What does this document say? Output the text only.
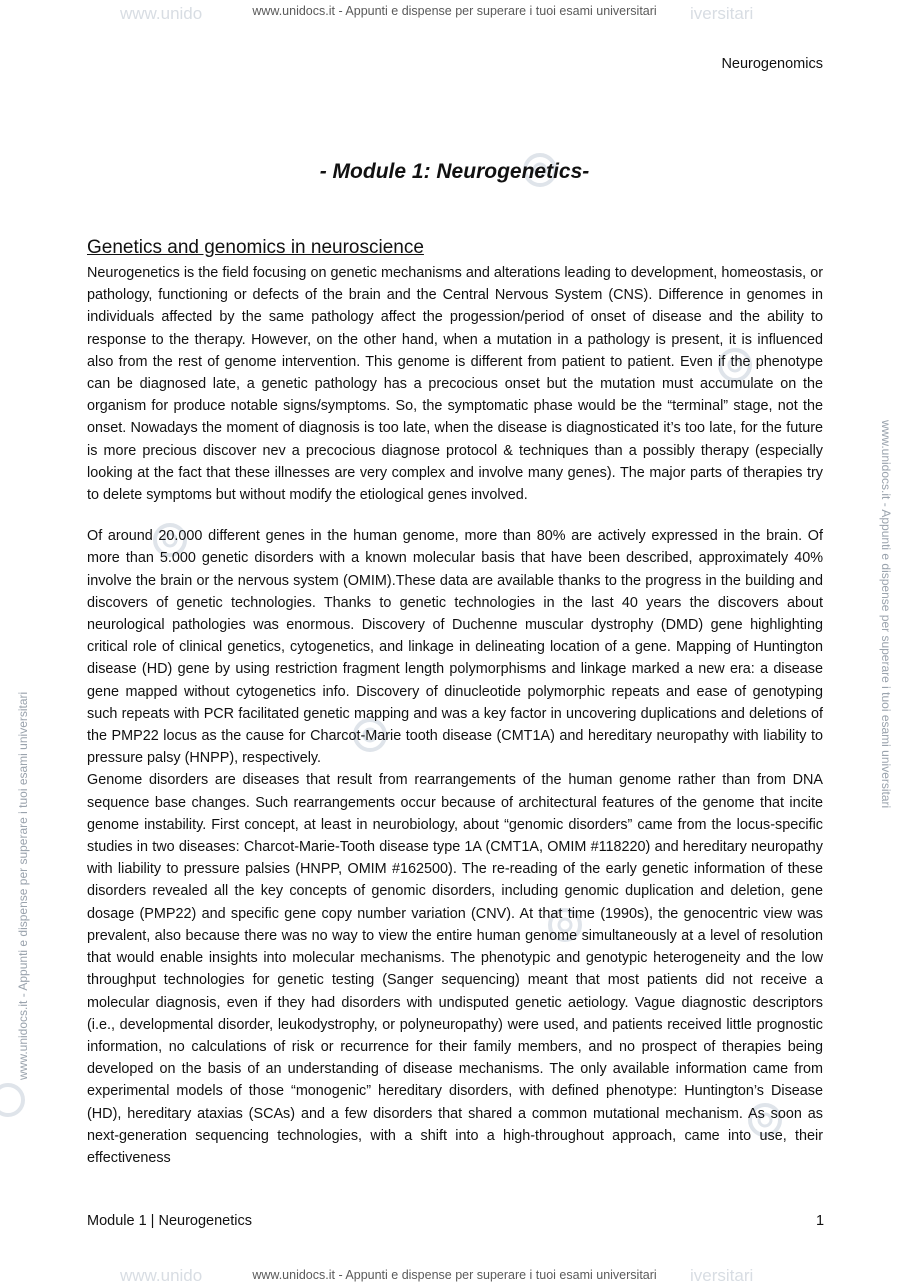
www.unido	iversitari
www.unido	iversitari
www.unidocs.it - Appunti e dispense per superare i tuoi esami universitari
www.unidocs.it - Appunti e dispense per superare i tuoi esami universitari
www.unidocs.it - Appunti e dispense per superare i tuoi esami universitari
www.unidocs.it - Appunti e dispense per superare i tuoi esami universitari
Neurogenomics
- Module 1: Neurogenetics-
Genetics and genomics in neuroscience

Neurogenetics is the field focusing on genetic mechanisms and alterations leading to development, homeostasis, or pathology, functioning or defects of the brain and the Central Nervous System (CNS). Difference in genomes in individuals affected by the same pathology affect the progession/period of onset of disease and the ability to response to the therapy. However, on the other hand, when a mutation in a pathology is present, it is influenced also from the rest of genome intervention. This genome is different from patient to patient. Even if the phenotype can be diagnosed late, a genetic pathology has a precocious onset but the mutation must accumulate on the organism for produce notable signs/symptoms. So, the symptomatic phase would be the “terminal” stage, not the onset. Nowadays the moment of diagnosis is too late, when the disease is diagnosticated it’s too late, for the future is more precious discover nev a precocious diagnose protocol & techniques than a possibly therapy (especially looking at the fact that these illnesses are very complex and involve many genes). The major parts of therapies try to delete symptoms but without modify the etiological genes involved.

Of around 20.000 different genes in the human genome, more than 80% are actively expressed in the brain. Of more than 5.000 genetic disorders with a known molecular basis that have been described, approximately 40% involve the brain or the nervous system (OMIM).These data are available thanks to the progress in the building and discovers of genetic technologies. Thanks to genetic technologies in the last 40 years the discovers about neurological pathologies was enormous. Discovery of Duchenne muscular dystrophy (DMD) gene highlighting critical role of clinical genetics, cytogenetics, and linkage in delineating location of a gene. Mapping of Huntington disease (HD) gene by using restriction fragment length polymorphisms and linkage marked a new era: a disease gene mapped without cytogenetics info. Discovery of dinucleotide polymorphic repeats and ease of genotyping such repeats with PCR facilitated genetic mapping and was a key factor in uncovering duplications and deletions of the PMP22 locus as the cause for Charcot-Marie tooth disease (CMT1A) and hereditary neuropathy with liability to pressure palsy (HNPP), respectively.

Genome disorders are diseases that result from rearrangements of the human genome rather than from DNA sequence base changes. Such rearrangements occur because of architectural features of the genome that incite genome instability. First concept, at least in neurobiology, about “genomic disorders” came from the locus-specific studies in two diseases: Charcot-Marie-Tooth disease type 1A (CMT1A, OMIM #118220) and hereditary neuropathy with liability to pressure palsies (HNPP, OMIM #162500). The re-reading of the early genetic information of these disorders revealed all the key concepts of genomic disorders, including genomic duplication and deletion, gene dosage (PMP22) and specific gene copy number variation (CNV). At that time (1990s), the genocentric view was prevalent, also because there was no way to view the entire human genome simultaneously at a level of resolution that would enable insights into molecular mechanisms. The phenotypic and genotypic heterogeneity and the low throughput technologies for genetic testing (Sanger sequencing) meant that most patients did not receive a molecular diagnosis, even if they had disorders with undisputed genetic aetiology. Vague diagnostic descriptors (i.e., developmental disorder, leukodystrophy, or polyneuropathy) were used, and patients received little prognostic information, no calculations of risk or recurrence for their family members, and no prospect of therapies being developed on the basis of an understanding of disease mechanisms. The only available information came from experimental models of those “monogenic” hereditary disorders, with defined phenotype: Huntington’s Disease (HD), hereditary ataxias (SCAs) and a few disorders that shared a common mutational mechanism. As soon as next-generation sequencing technologies, with a shift into a high-throughout approach, came into use, their effectiveness

Module 1 | Neurogenetics	1
